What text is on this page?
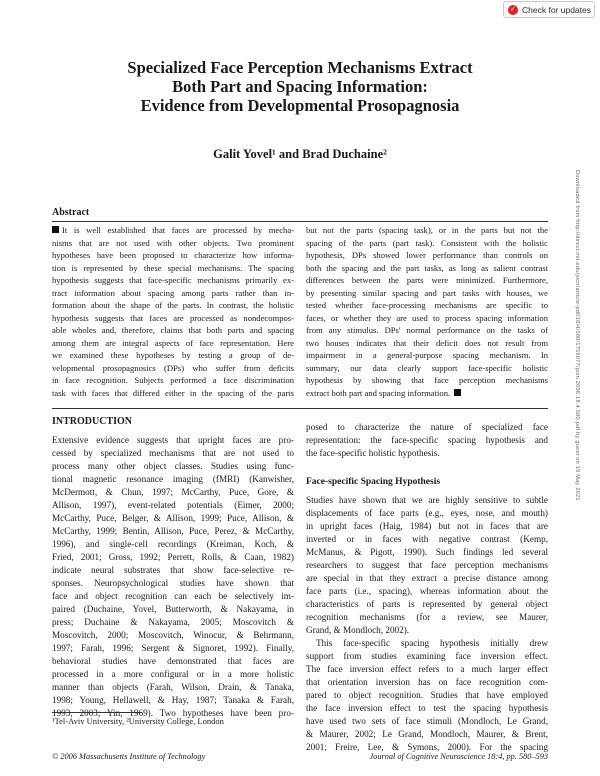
✓ Check for updates
Specialized Face Perception Mechanisms Extract
Both Part and Spacing Information:
Evidence from Developmental Prosopagnosia
Galit Yovel¹ and Brad Duchaine²
Downloaded from http://direct.mit.edu/jocn/article-pdf/18/4/580/1756077/jocn.2006.18.4.580.pdf by guest on 19 May 2021
Abstract
It is well established that faces are processed by mecha-
nisms that are not used with other objects. Two prominent
hypotheses have been proposed to characterize how informa-
tion is represented by these special mechanisms. The spacing
hypothesis suggests that face-specific mechanisms primarily ex-
tract information about spacing among parts rather than in-
formation about the shape of the parts. In contrast, the holistic
hypothesis suggests that faces are processed as nondecompos-
able wholes and, therefore, claims that both parts and spacing
among them are integral aspects of face representation. Here
we examined these hypotheses by testing a group of de-
velopmental prosopagnosics (DPs) who suffer from deficits
in face recognition. Subjects performed a face discrimination
task with faces that differed either in the spacing of the parts
but not the parts (spacing task), or in the parts but not the
spacing of the parts (part task). Consistent with the holistic
hypothesis, DPs showed lower performance than controls on
both the spacing and the part tasks, as long as salient contrast
differences between the parts were minimized. Furthermore,
by presenting similar spacing and part tasks with houses, we
tested whether face-processing mechanisms are specific to
faces, or whether they are used to process spacing information
from any stimulus. DPs' normal performance on the tasks of
two houses indicates that their deficit does not result from
impairment in a general-purpose spacing mechanism. In
summary, our data clearly support face-specific holistic
hypothesis by showing that face perception mechanisms
extract both part and spacing information.
INTRODUCTION
Extensive evidence suggests that upright faces are pro-
cessed by specialized mechanisms that are not used to
process many other object classes. Studies using func-
tional magnetic resonance imaging (fMRI) (Kanwisher,
McDermott, & Chun, 1997; McCarthy, Puce, Gore, &
Allison, 1997), event-related potentials (Eimer, 2000;
McCarthy, Puce, Belger, & Allison, 1999; Puce, Allison, &
McCarthy, 1999; Bentin, Allison, Puce, Perez, & McCarthy,
1996), and single-cell recordings (Kreiman, Koch, &
Fried, 2001; Gross, 1992; Perrett, Rolls, & Caan, 1982)
indicate neural substrates that show face-selective re-
sponses. Neuropsychological studies have shown that
face and object recognition can each be selectively im-
paired (Duchaine, Yovel, Butterworth, & Nakayama, in
press; Duchaine & Nakayama, 2005; Moscovitch &
Moscovitch, 2000; Moscovitch, Winocur, & Behrmann,
1997; Farah, 1996; Sergent & Signoret, 1992). Finally,
behavioral studies have demonstrated that faces are
processed in a more configural or in a more holistic
manner than objects (Farah, Wilson, Drain, & Tanaka,
1998; Young, Hellawell, & Hay, 1987; Tanaka & Farah,
1993, 2003; Yin, 1969). Two hypotheses have been pro-
posed to characterize the nature of specialized face
representation: the face-specific spacing hypothesis and
the face-specific holistic hypothesis.
Face-specific Spacing Hypothesis
Studies have shown that we are highly sensitive to subtle
displacements of face parts (e.g., eyes, nose, and mouth)
in upright faces (Haig, 1984) but not in faces that are
inverted or in faces with negative contrast (Kemp,
McManus, & Pigott, 1990). Such findings led several
researchers to suggest that face perception mechanisms
are special in that they extract a precise distance among
face parts (i.e., spacing), whereas information about the
characteristics of parts is represented by general object
recognition mechanisms (for a review, see Maurer,
Grand, & Mondloch, 2002).
This face-specific spacing hypothesis initially drew
support from studies examining face inversion effect.
The face inversion effect refers to a much larger effect
that orientation inversion has on face recognition com-
pared to object recognition. Studies that have employed
the face inversion effect to test the spacing hypothesis
have used two sets of face stimuli (Mondloch, Le Grand,
& Maurer, 2002; Le Grand, Mondloch, Maurer, & Brent,
2001; Freire, Lee, & Symons, 2000). For the spacing
¹Tel-Aviv University, ²University College, London
© 2006 Massachusetts Institute of Technology	Journal of Cognitive Neuroscience 18:4, pp. 580–593
